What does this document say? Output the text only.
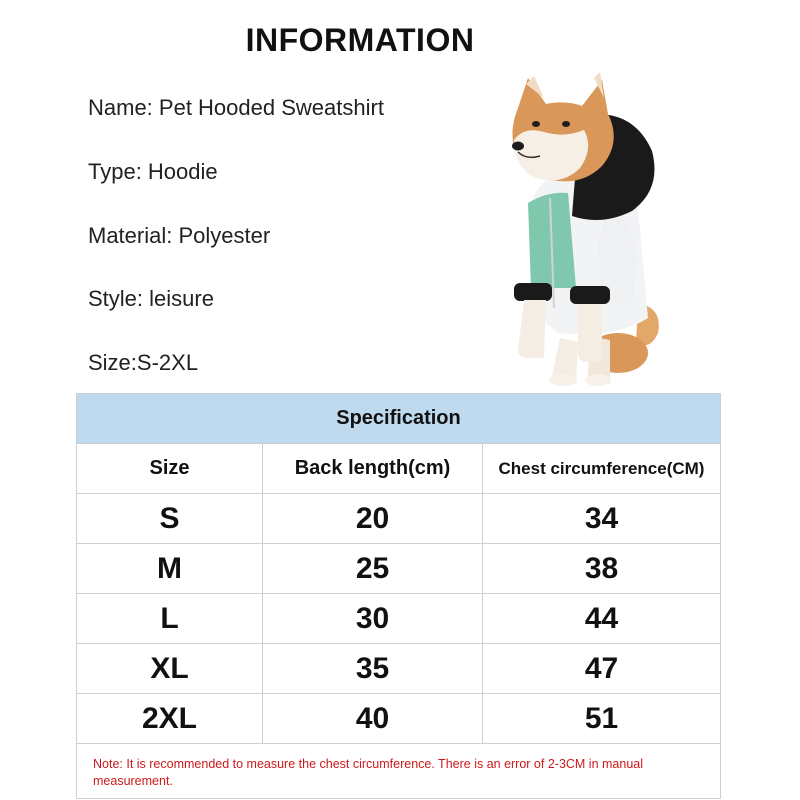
INFORMATION
Name: Pet Hooded Sweatshirt
Type: Hoodie
Material: Polyester
Style: leisure
Size:S-2XL
Specification		
Size	Back length(cm)	Chest circumference(CM)
S	20	34
M	25	38
L	30	44
XL	35	47
2XL	40	51
Note: It is recommended to measure the chest circumference. There is an error of 2-3CM in manual measurement.		
